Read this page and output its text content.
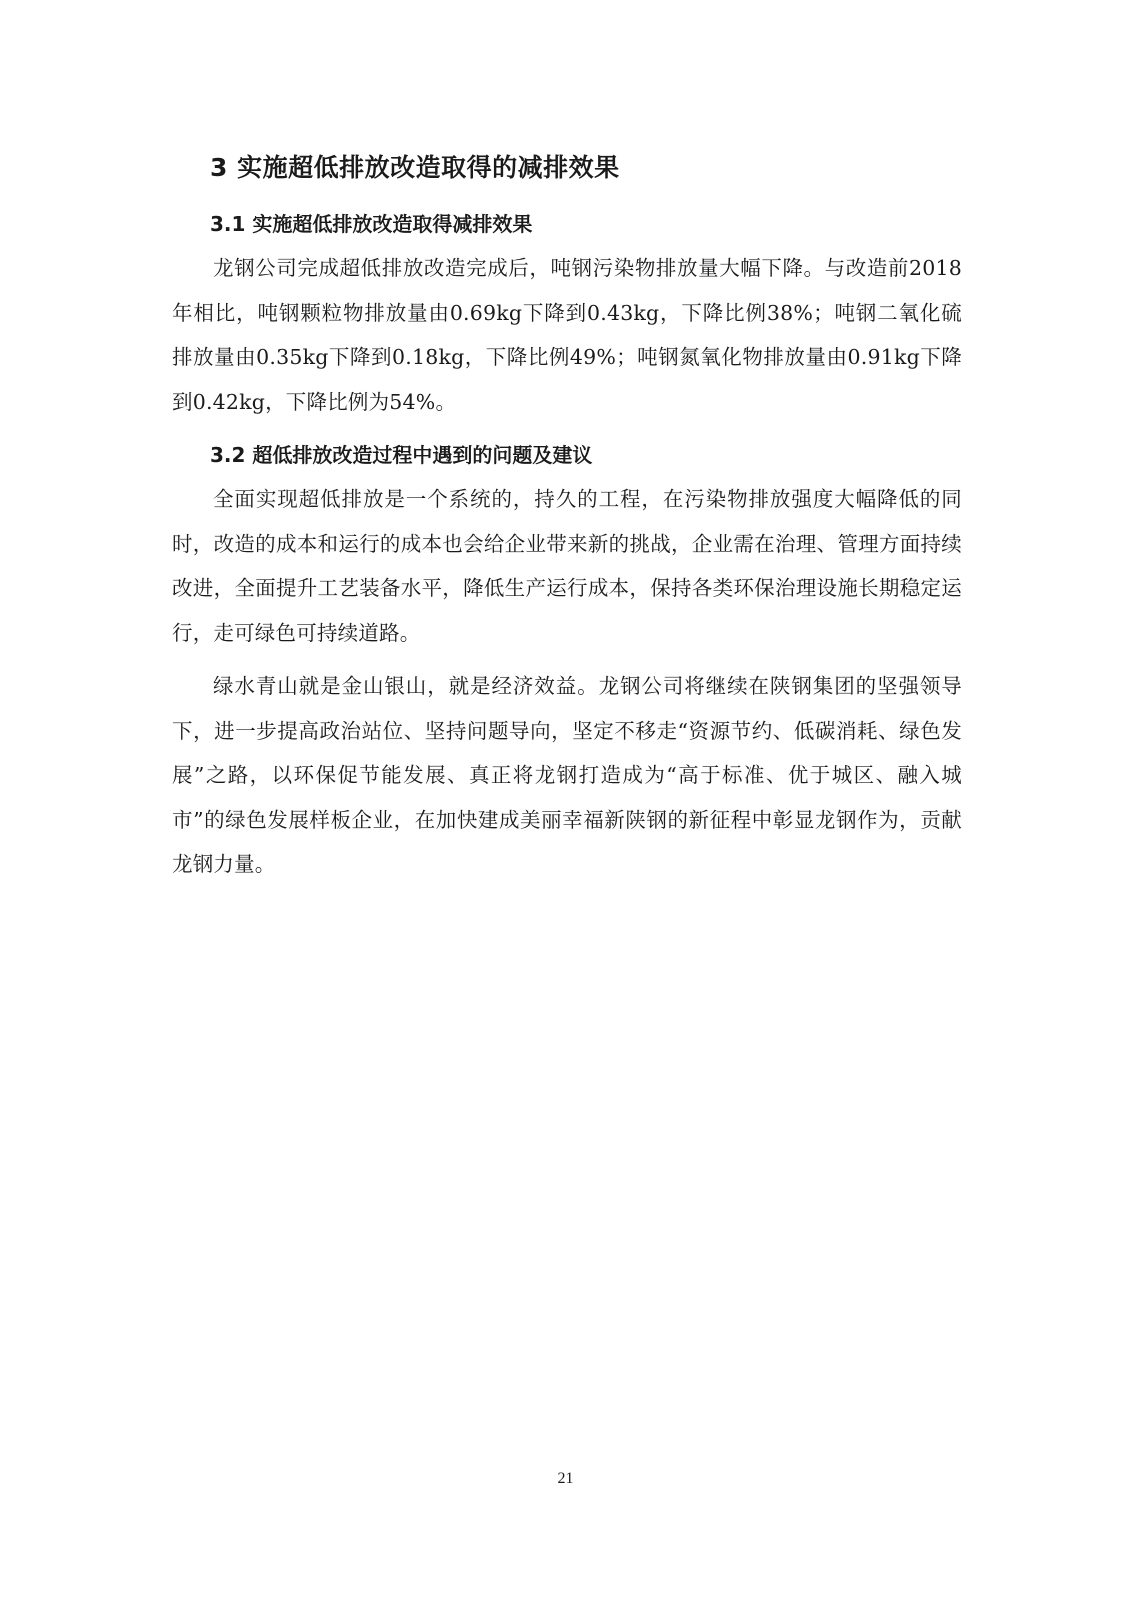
3 实施超低排放改造取得的减排效果
3.1 实施超低排放改造取得减排效果

龙钢公司完成超低排放改造完成后，吨钢污染物排放量大幅下降。与改造前2018年相比，吨钢颗粒物排放量由0.69kg下降到0.43kg，下降比例38%；吨钢二氧化硫排放量由0.35kg下降到0.18kg，下降比例49%；吨钢氮氧化物排放量由0.91kg下降到0.42kg，下降比例为54%。

3.2 超低排放改造过程中遇到的问题及建议

全面实现超低排放是一个系统的，持久的工程，在污染物排放强度大幅降低的同时，改造的成本和运行的成本也会给企业带来新的挑战，企业需在治理、管理方面持续改进，全面提升工艺装备水平，降低生产运行成本，保持各类环保治理设施长期稳定运行，走可绿色可持续道路。

绿水青山就是金山银山，就是经济效益。龙钢公司将继续在陕钢集团的坚强领导下，进一步提高政治站位、坚持问题导向，坚定不移走“资源节约、低碳消耗、绿色发展”之路，以环保促节能发展、真正将龙钢打造成为“高于标准、优于城区、融入城市”的绿色发展样板企业，在加快建成美丽幸福新陕钢的新征程中彰显龙钢作为，贡献龙钢力量。

21
